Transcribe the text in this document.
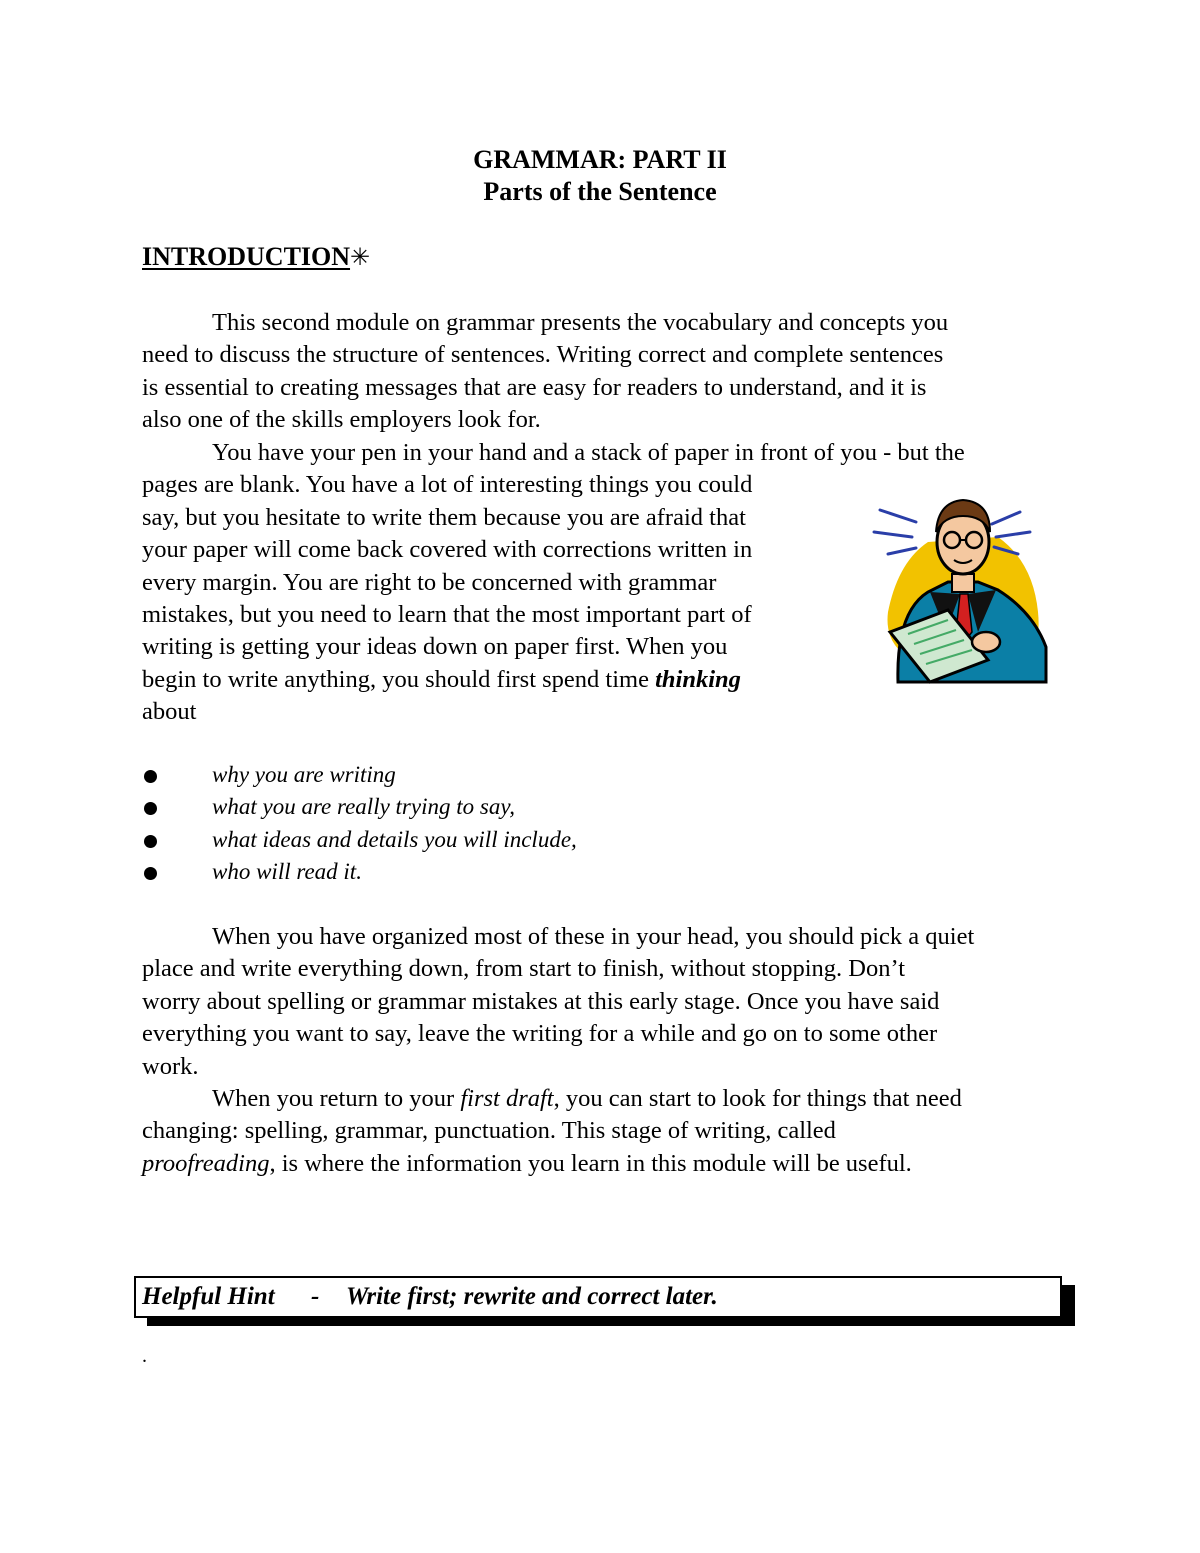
GRAMMAR: PART II
Parts of the Sentence
INTRODUCTION✳
This second module on grammar presents the vocabulary and concepts you
need to discuss the structure of sentences. Writing correct and complete sentences
is essential to creating messages that are easy for readers to understand, and it is
also one of the skills employers look for.
You have your pen in your hand and a stack of paper in front of you - but the
pages are blank. You have a lot of interesting things you could
say, but you hesitate to write them because you are afraid that
your paper will come back covered with corrections written in
every margin. You are right to be concerned with grammar
mistakes, but you need to learn that the most important part of
writing is getting your ideas down on paper first. When you
begin to write anything, you should first spend time thinking
about
why you are writing
what you are really trying to say,
what ideas and details you will include,
who will read it.
When you have organized most of these in your head, you should pick a quiet
place and write everything down, from start to finish, without stopping. Don’t
worry about spelling or grammar mistakes at this early stage. Once you have said
everything you want to say, leave the writing for a while and go on to some other
work.
When you return to your first draft, you can start to look for things that need
changing: spelling, grammar, punctuation. This stage of writing, called
proofreading, is where the information you learn in this module will be useful.
Helpful Hint - Write first; rewrite and correct later.
.
